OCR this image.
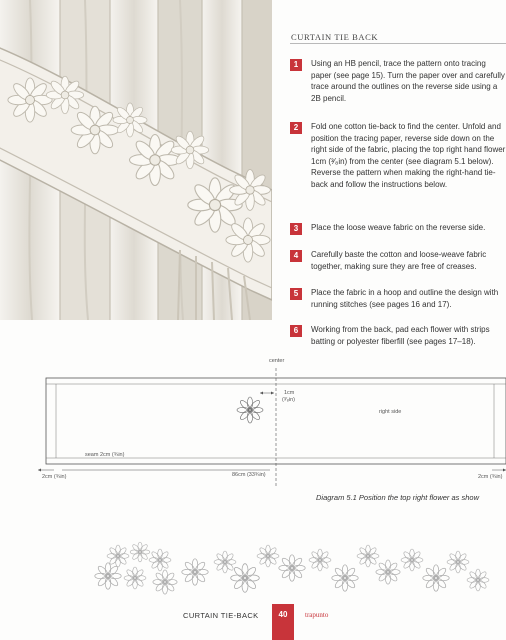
CURTAIN TIE BACK
1	Using an HB pencil, trace the pattern onto tracing paper (see page 15). Turn the paper over and carefully trace around the outlines on the reverse side using a 2B pencil.
2	Fold one cotton tie-back to find the center. Unfold and position the tracing paper, reverse side down on the right side of the fabric, placing the top right hand flower 1cm (³⁄₈in) from the center (see diagram 5.1 below). Reverse the pattern when making the right-hand tie-back and follow the instructions below.
3	Place the loose weave fabric on the reverse side.
4	Carefully baste the cotton and loose-weave fabric together, making sure they are free of creases.
5	Place the fabric in a hoop and outline the design with running stitches (see pages 16 and 17).
6	Working from the back, pad each flower with strips batting or polyester fiberfill (see pages 17–18).
center
1cm
(³⁄₈in)
right side
seam 2cm (¾in)
2cm (¾in)	86cm (33¾in)	2cm (¾in)
Diagram 5.1 Position the top right flower as show
CURTAIN TIE-BACK	40	trapunto
